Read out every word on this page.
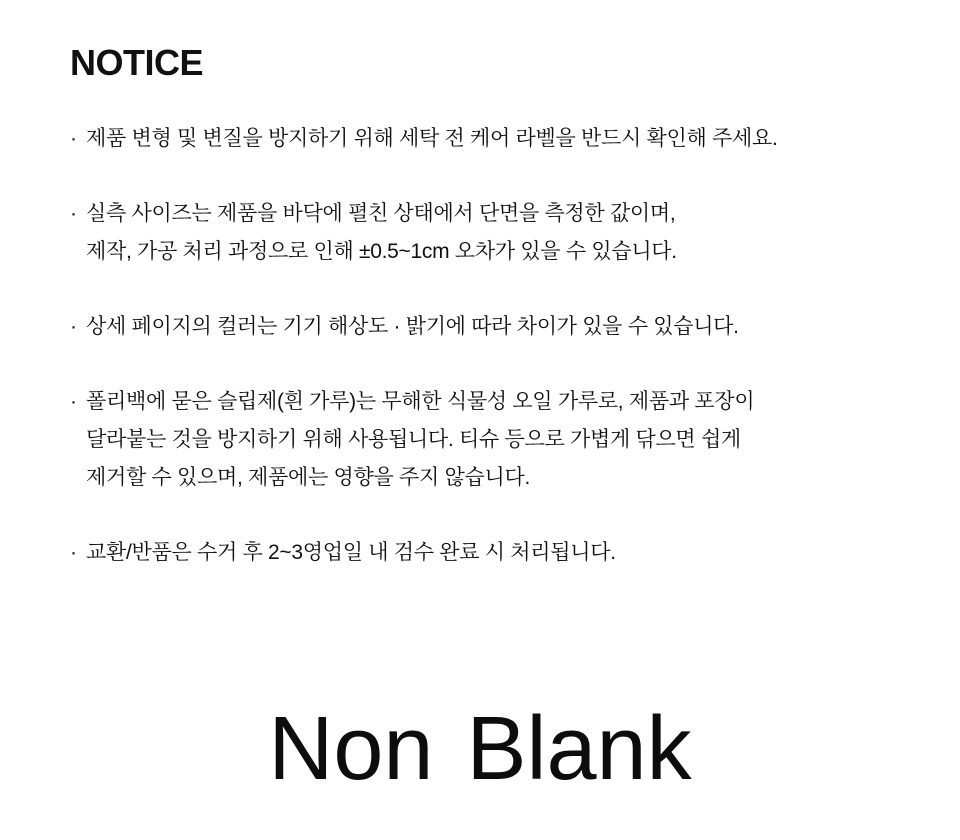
NOTICE
· 제품 변형 및 변질을 방지하기 위해 세탁 전 케어 라벨을 반드시 확인해 주세요.
· 실측 사이즈는 제품을 바닥에 펼친 상태에서 단면을 측정한 값이며,
제작, 가공 처리 과정으로 인해 ±0.5~1cm 오차가 있을 수 있습니다.
· 상세 페이지의 컬러는 기기 해상도 · 밝기에 따라 차이가 있을 수 있습니다.
· 폴리백에 묻은 슬립제(흰 가루)는 무해한 식물성 오일 가루로, 제품과 포장이
달라붙는 것을 방지하기 위해 사용됩니다. 티슈 등으로 가볍게 닦으면 쉽게
제거할 수 있으며, 제품에는 영향을 주지 않습니다.
· 교환/반품은 수거 후 2~3영업일 내 검수 완료 시 처리됩니다.
Non Blank
